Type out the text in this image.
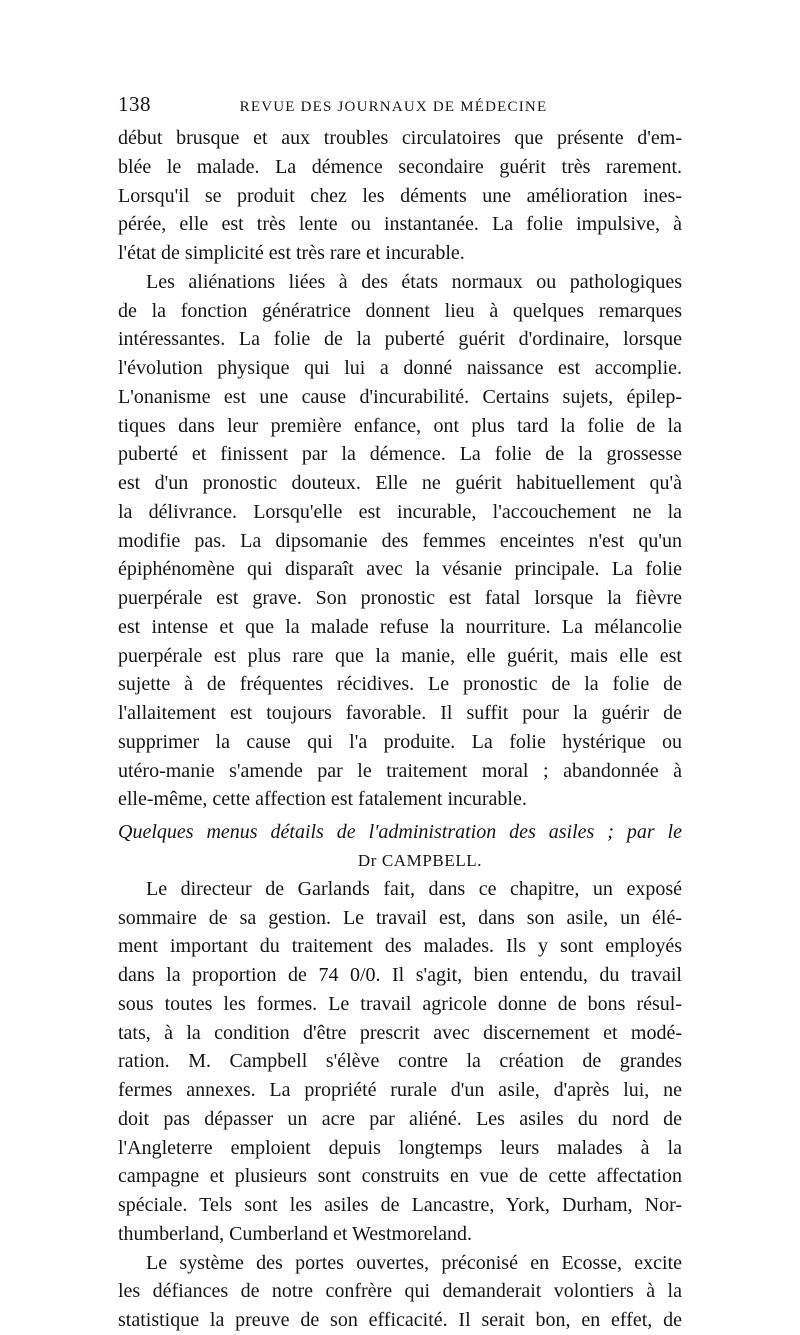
138	REVUE DES JOURNAUX DE MÉDECINE

début brusque et aux troubles circulatoires que présente d'em-
blée le malade. La démence secondaire guérit très rarement.
Lorsqu'il se produit chez les déments une amélioration ines-
pérée, elle est très lente ou instantanée. La folie impulsive, à
l'état de simplicité est très rare et incurable.

Les aliénations liées à des états normaux ou pathologiques
de la fonction génératrice donnent lieu à quelques remarques
intéressantes. La folie de la puberté guérit d'ordinaire, lorsque
l'évolution physique qui lui a donné naissance est accomplie.
L'onanisme est une cause d'incurabilité. Certains sujets, épilep-
tiques dans leur première enfance, ont plus tard la folie de la
puberté et finissent par la démence. La folie de la grossesse
est d'un pronostic douteux. Elle ne guérit habituellement qu'à
la délivrance. Lorsqu'elle est incurable, l'accouchement ne la
modifie pas. La dipsomanie des femmes enceintes n'est qu'un
épiphénomène qui disparaît avec la vésanie principale. La folie
puerpérale est grave. Son pronostic est fatal lorsque la fièvre
est intense et que la malade refuse la nourriture. La mélancolie
puerpérale est plus rare que la manie, elle guérit, mais elle est
sujette à de fréquentes récidives. Le pronostic de la folie de
l'allaitement est toujours favorable. Il suffit pour la guérir de
supprimer la cause qui l'a produite. La folie hystérique ou
utéro-manie s'amende par le traitement moral ; abandonnée à
elle-même, cette affection est fatalement incurable.

Quelques menus détails de l'administration des asiles ; par le
Dr CAMPBELL.

Le directeur de Garlands fait, dans ce chapitre, un exposé
sommaire de sa gestion. Le travail est, dans son asile, un élé-
ment important du traitement des malades. Ils y sont employés
dans la proportion de 74 0/0. Il s'agit, bien entendu, du travail
sous toutes les formes. Le travail agricole donne de bons résul-
tats, à la condition d'être prescrit avec discernement et modé-
ration. M. Campbell s'élève contre la création de grandes
fermes annexes. La propriété rurale d'un asile, d'après lui, ne
doit pas dépasser un acre par aliéné. Les asiles du nord de
l'Angleterre emploient depuis longtemps leurs malades à la
campagne et plusieurs sont construits en vue de cette affectation
spéciale. Tels sont les asiles de Lancastre, York, Durham, Nor-
thumberland, Cumberland et Westmoreland.

Le système des portes ouvertes, préconisé en Ecosse, excite
les défiances de notre confrère qui demanderait volontiers à la
statistique la preuve de son efficacité. Il serait bon, en effet, de
